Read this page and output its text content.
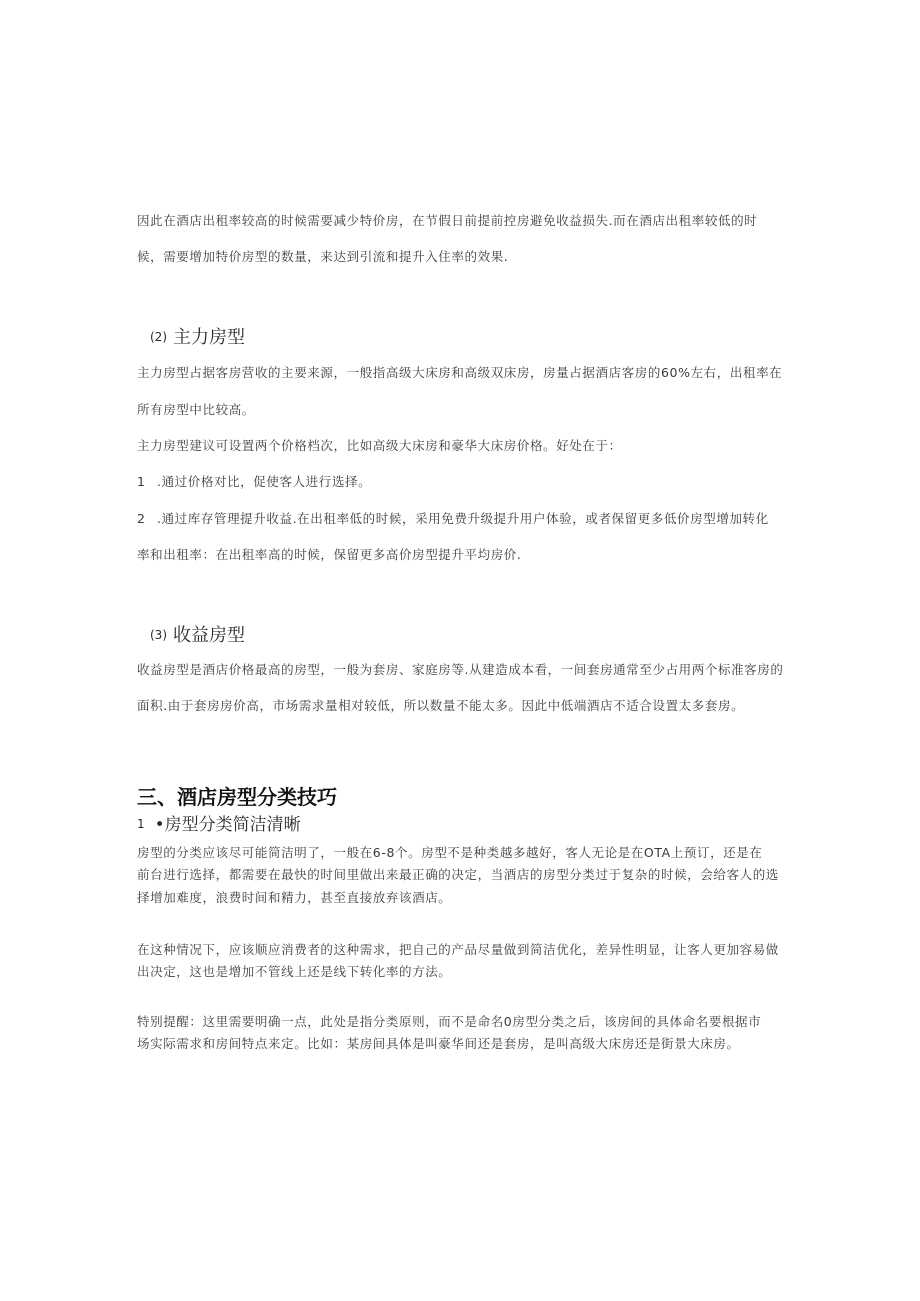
因此在酒店出租率较高的时候需要减少特价房，在节假日前提前控房避免收益损失.而在酒店出租率较低的时
候，需要增加特价房型的数量，来达到引流和提升入住率的效果.
(2) 主力房型
主力房型占据客房营收的主要来源，一般指高级大床房和高级双床房，房量占据酒店客房的60%左右，出租率在
所有房型中比较高。
主力房型建议可设置两个价格档次，比如高级大床房和豪华大床房价格。好处在于：
1 .通过价格对比，促使客人进行选择。
2 .通过库存管理提升收益.在出租率低的时候，采用免费升级提升用户体验，或者保留更多低价房型增加转化
率和出租率：在出租率高的时候，保留更多高价房型提升平均房价.
(3) 收益房型
收益房型是酒店价格最高的房型，一般为套房、家庭房等.从建造成本看，一间套房通常至少占用两个标准客房的
面积.由于套房房价高，市场需求量相对较低，所以数量不能太多。因此中低端酒店不适合设置太多套房。
三、酒店房型分类技巧
1 •房型分类简洁清晰
房型的分类应该尽可能简洁明了，一般在6-8个。房型不是种类越多越好，客人无论是在OTA上预订，还是在
前台进行选择，都需要在最快的时间里做出来最正确的决定，当酒店的房型分类过于复杂的时候，会给客人的选
择增加难度，浪费时间和精力，甚至直接放弃该酒店。
在这种情况下，应该顺应消费者的这种需求，把自己的产品尽量做到简洁优化，差异性明显，让客人更加容易做
出决定，这也是增加不管线上还是线下转化率的方法。
特别提醒：这里需要明确一点，此处是指分类原则，而不是命名0房型分类之后，该房间的具体命名要根据市
场实际需求和房间特点来定。比如：某房间具体是叫豪华间还是套房，是叫高级大床房还是街景大床房。
